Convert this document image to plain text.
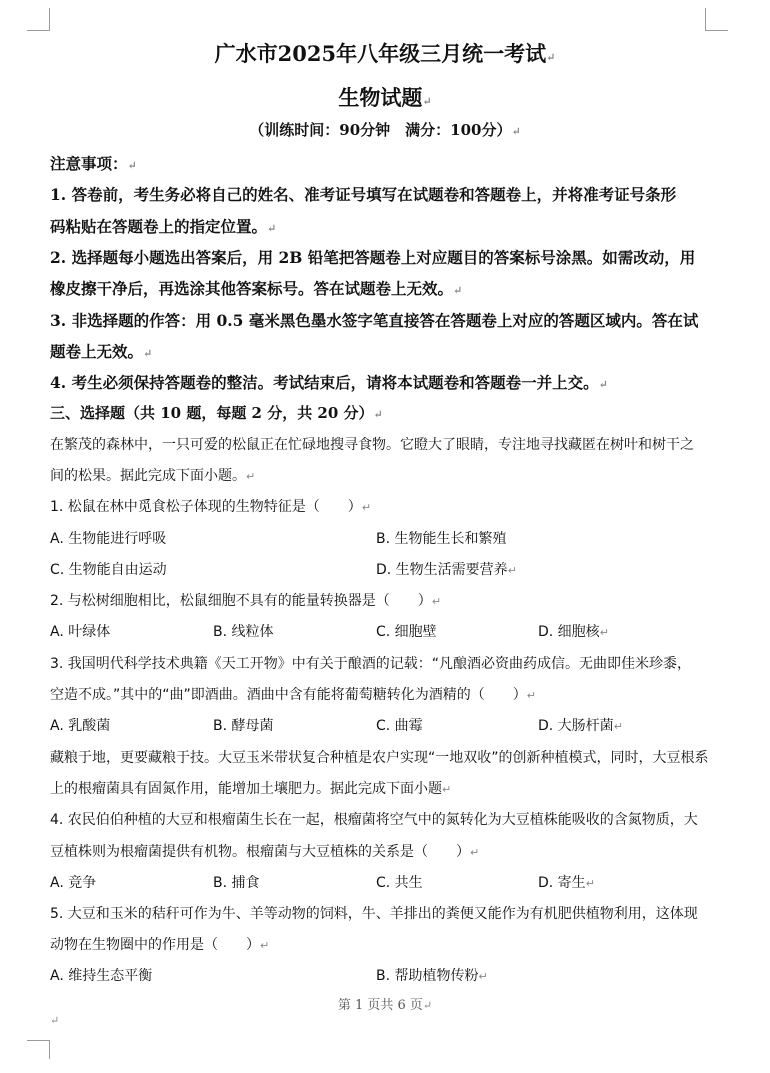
广水市2025年八年级三月统一考试↵
生物试题↵
（训练时间：90分钟　满分：100分）↵
注意事项：↵
1. 答卷前，考生务必将自己的姓名、准考证号填写在试题卷和答题卷上，并将准考证号条形
码粘贴在答题卷上的指定位置。↵
2. 选择题每小题选出答案后，用 2B 铅笔把答题卷上对应题目的答案标号涂黑。如需改动，用
橡皮擦干净后，再选涂其他答案标号。答在试题卷上无效。↵
3. 非选择题的作答：用 0.5 毫米黑色墨水签字笔直接答在答题卷上对应的答题区域内。答在试
题卷上无效。↵
4. 考生必须保持答题卷的整洁。考试结束后，请将本试题卷和答题卷一并上交。↵
三、选择题（共 10 题，每题 2 分，共 20 分）↵
在繁茂的森林中，一只可爱的松鼠正在忙碌地搜寻食物。它瞪大了眼睛，专注地寻找藏匿在树叶和树干之
间的松果。据此完成下面小题。↵
1. 松鼠在林中觅食松子体现的生物特征是（　　）↵
A. 生物能进行呼吸	B. 生物能生长和繁殖
C. 生物能自由运动	D. 生物生活需要营养↵
2. 与松树细胞相比，松鼠细胞不具有的能量转换器是（　　）↵
A. 叶绿体	B. 线粒体	C. 细胞壁	D. 细胞核↵
3. 我国明代科学技术典籍《天工开物》中有关于酿酒的记载：“凡酿酒必资曲药成信。无曲即佳米珍黍，
空造不成。”其中的“曲”即酒曲。酒曲中含有能将葡萄糖转化为酒精的（　　）↵
A. 乳酸菌	B. 酵母菌	C. 曲霉	D. 大肠杆菌↵
藏粮于地，更要藏粮于技。大豆玉米带状复合种植是农户实现“一地双收”的创新种植模式，同时，大豆根系
上的根瘤菌具有固氮作用，能增加土壤肥力。据此完成下面小题↵
4. 农民伯伯种植的大豆和根瘤菌生长在一起，根瘤菌将空气中的氮转化为大豆植株能吸收的含氮物质，大
豆植株则为根瘤菌提供有机物。根瘤菌与大豆植株的关系是（　　）↵
A. 竞争	B. 捕食	C. 共生	D. 寄生↵
5. 大豆和玉米的秸秆可作为牛、羊等动物的饲料，牛、羊排出的粪便又能作为有机肥供植物利用，这体现
动物在生物圈中的作用是（　　）↵
A. 维持生态平衡	B. 帮助植物传粉↵
第 1 页共 6 页↵
↵
